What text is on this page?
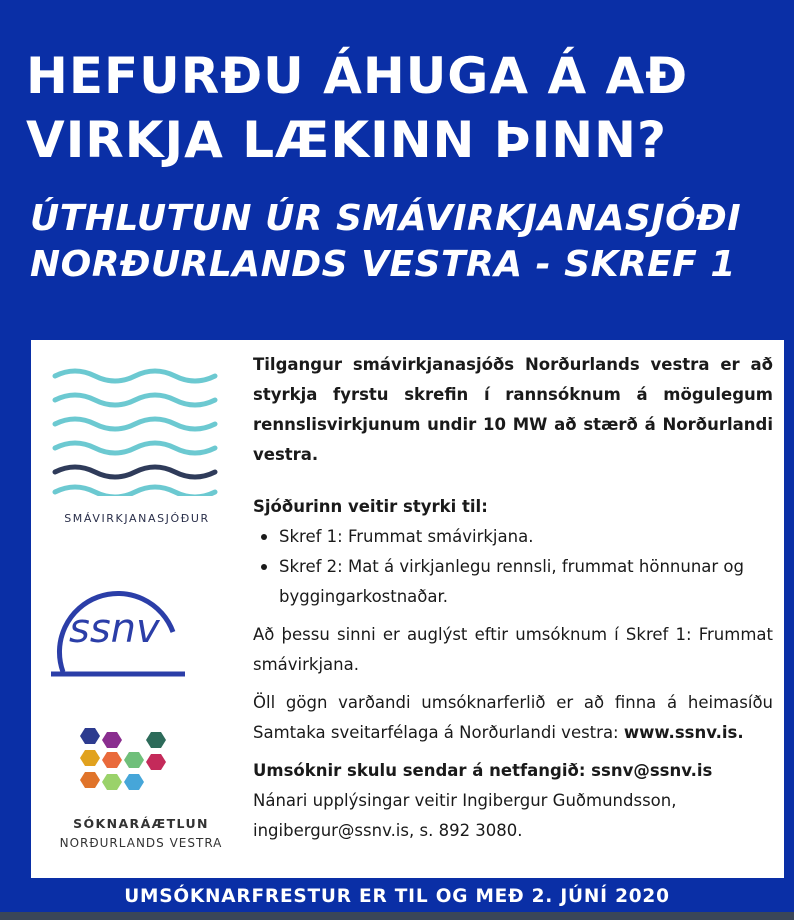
HEFURÐU ÁHUGA Á AÐ
VIRKJA LÆKINN ÞINN?
ÚTHLUTUN ÚR SMÁVIRKJANASJÓÐI
NORÐURLANDS VESTRA - SKREF 1
SMÁVIRKJANASJÓÐUR
ssnv
SÓKNARÁÆTLUN
NORÐURLANDS VESTRA

Tilgangur smávirkjanasjóðs Norðurlands vestra er að styrkja fyrstu skrefin í rannsóknum á mögulegum rennslisvirkjunum undir 10 MW að stærð á Norðurlandi vestra.

Sjóðurinn veitir styrki til:

Skref 1: Frummat smávirkjana.
Skref 2: Mat á virkjanlegu rennsli, frummat hönnunar og byggingarkostnaðar.

Að þessu sinni er auglýst eftir umsóknum í Skref 1: Frummat smávirkjana.

Öll gögn varðandi umsóknarferlið er að finna á heimasíðu Samtaka sveitarfélaga á Norðurlandi vestra: www.ssnv.is.

Umsóknir skulu sendar á netfangið: ssnv@ssnv.is

Nánari upplýsingar veitir Ingibergur Guðmundsson,
ingibergur@ssnv.is, s. 892 3080.

UMSÓKNARFRESTUR ER TIL OG MEÐ 2. JÚNÍ 2020
